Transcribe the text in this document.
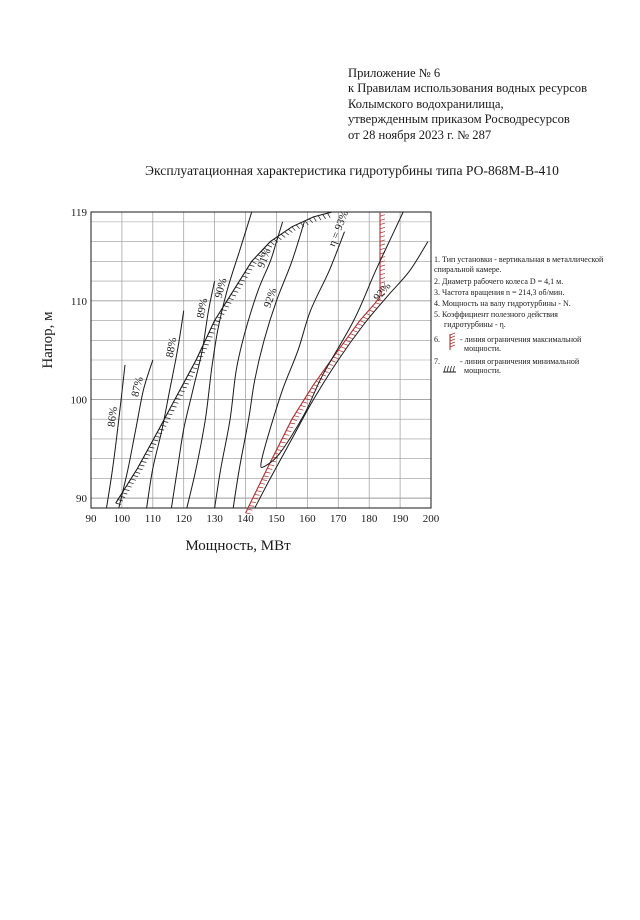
Приложение № 6
к Правилам использования водных ресурсов
Колымского водохранилища,
утвержденным приказом Росводресурсов
от 28 ноября 2023 г. № 287
Эксплуатационная характеристика гидротурбины типа РО-868М-В-410
86%
87%
88%
89%
90%
91%
92%
η = 93%
92%
90 100 110 120 130 140 150 160 170 180 190 200
90
100
110
119
Мощность, МВт
Напор, м
1. Тип установки - вертикальная в металлической
спиральной камере.
2. Диаметр рабочего колеса D = 4,1 м.
3. Частота вращения n = 214,3 об/мин.
4. Мощность на валу гидротурбины - N.
5. Коэффициент полезного действия
гидротурбины - η.
6.	- линия ограничения максимальной
мощности.
7.	- линия ограничения минимальной
мощности.
